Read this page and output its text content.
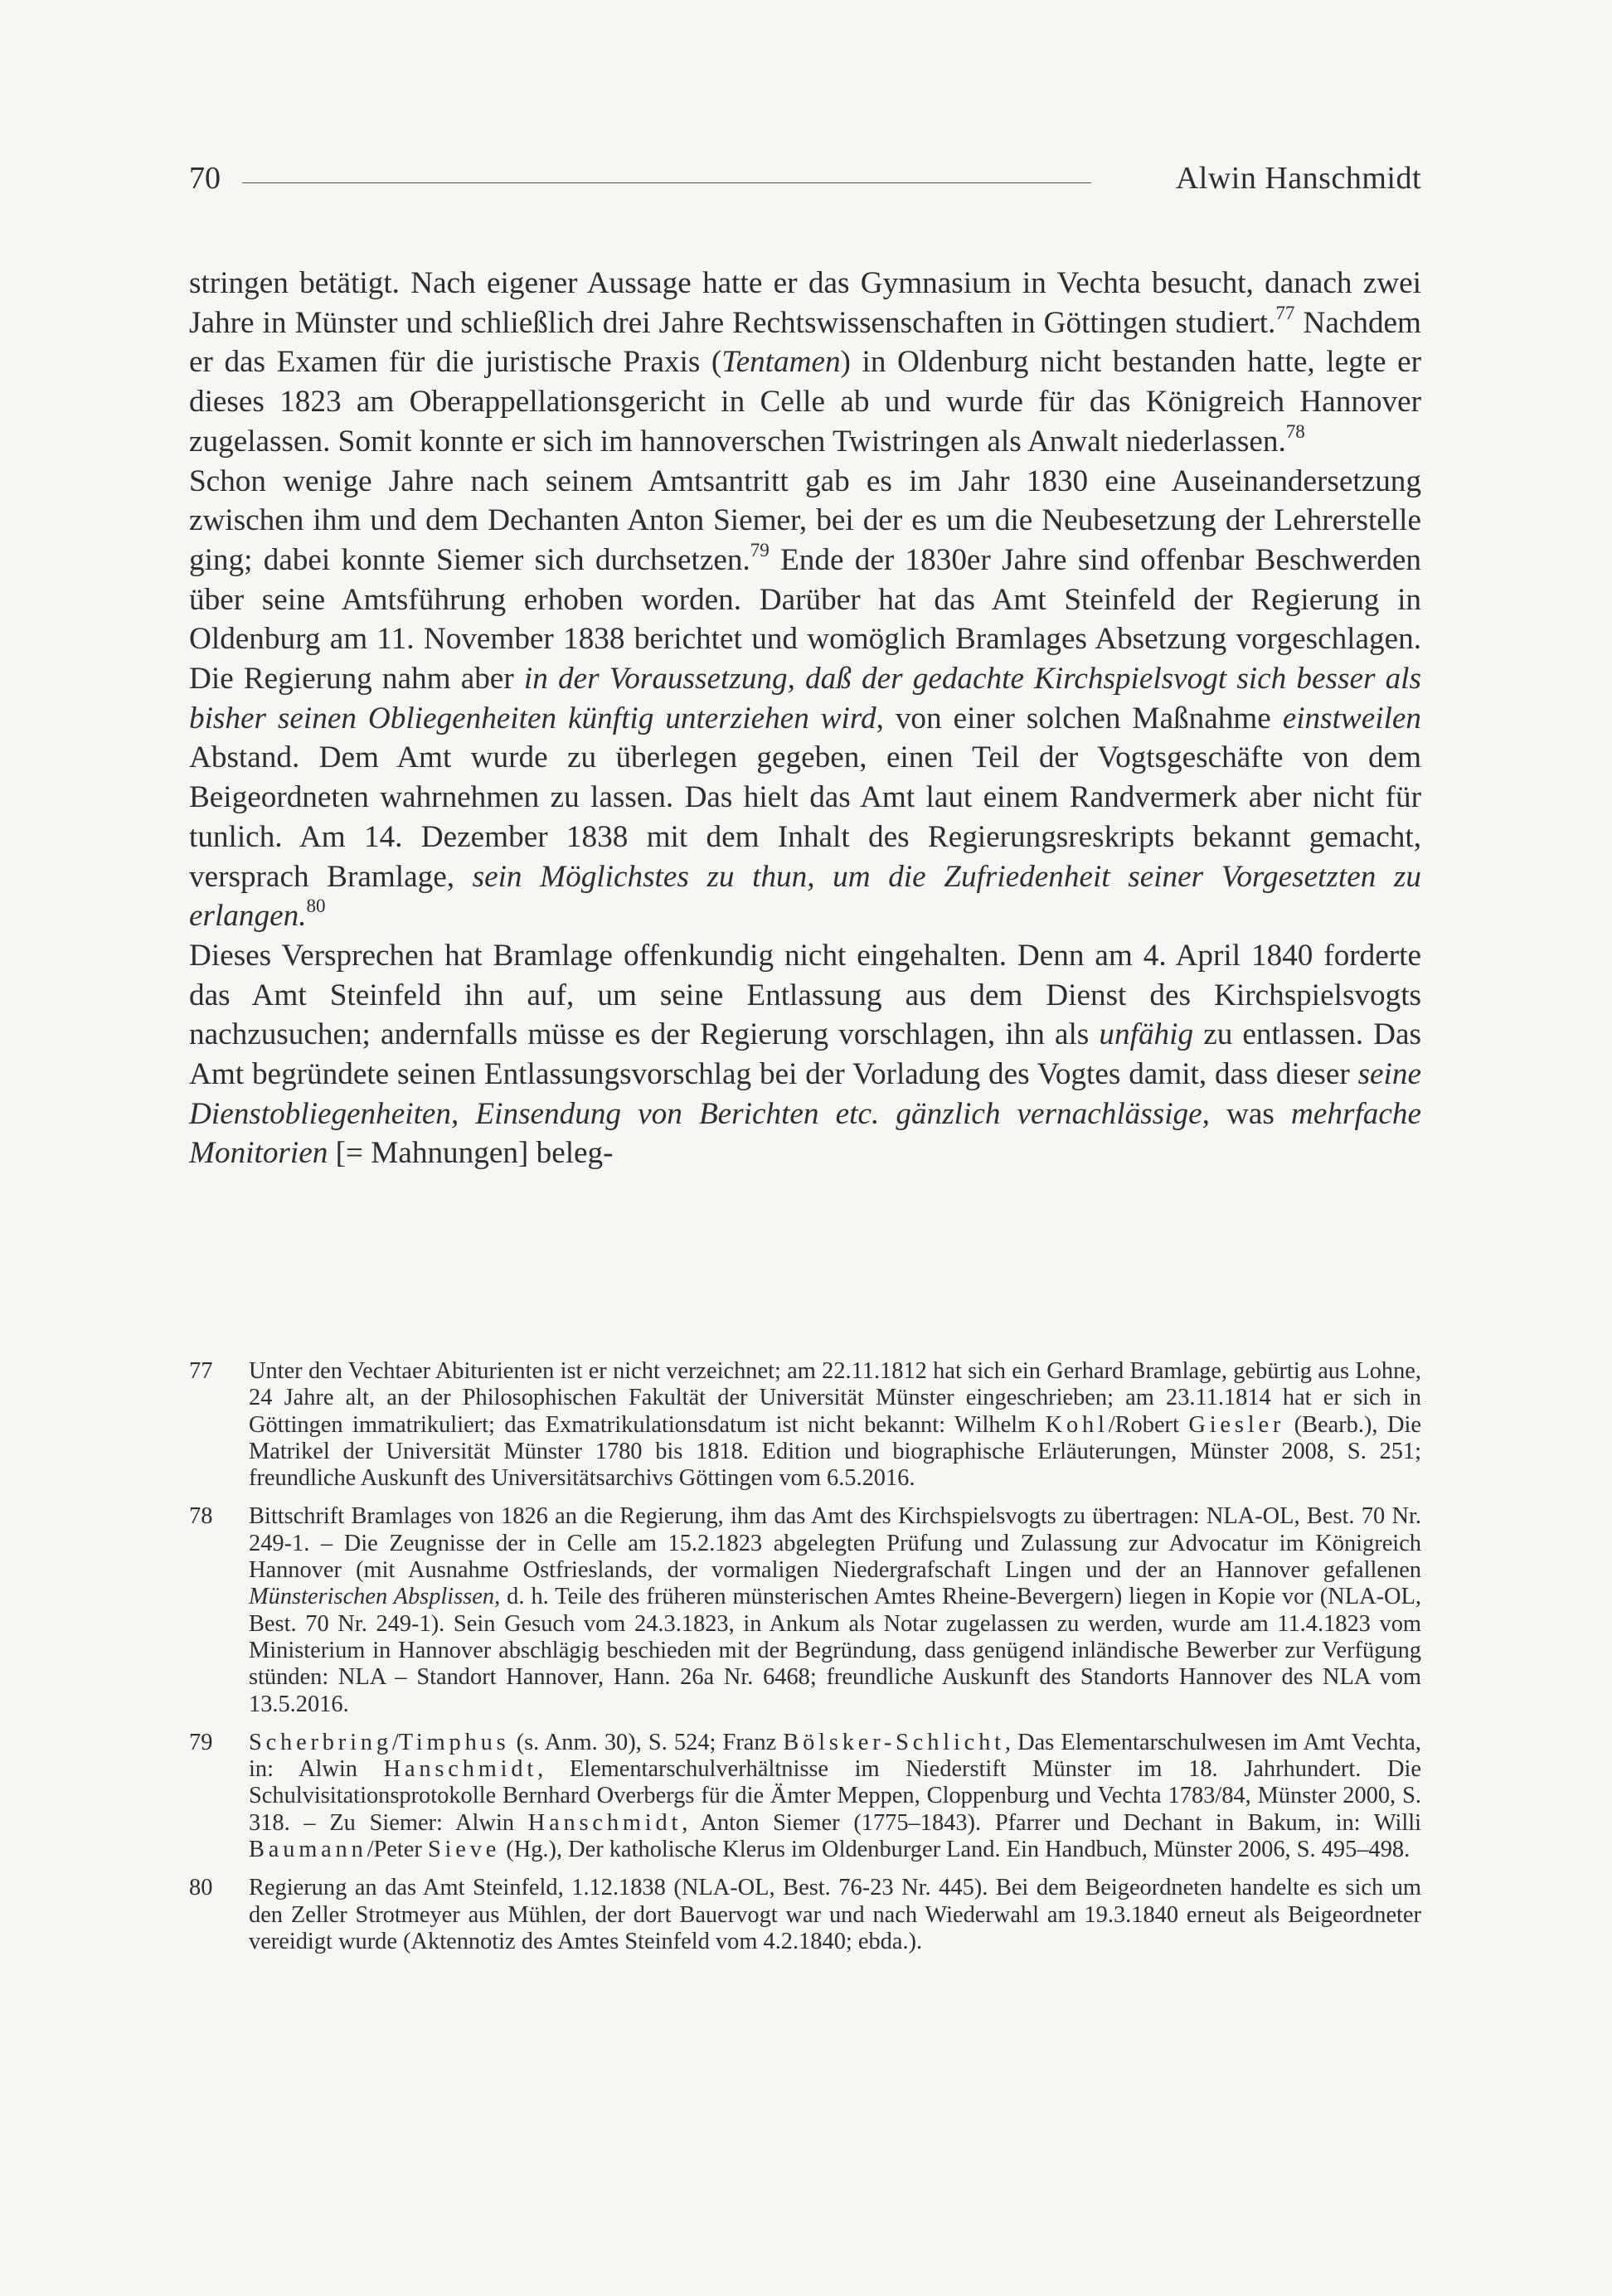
70	Alwin Hanschmidt

stringen betätigt. Nach eigener Aussage hatte er das Gymnasium in Vechta besucht, danach zwei Jahre in Münster und schließlich drei Jahre Rechtswissenschaften in Göttingen studiert.$^{77}$ Nachdem er das Examen für die juristische Praxis (Tentamen) in Oldenburg nicht bestanden hatte, legte er dieses 1823 am Oberappellationsgericht in Celle ab und wurde für das Königreich Hannover zugelassen. Somit konnte er sich im hannoverschen Twistringen als Anwalt niederlassen.$^{78}$

Schon wenige Jahre nach seinem Amtsantritt gab es im Jahr 1830 eine Auseinandersetzung zwischen ihm und dem Dechanten Anton Siemer, bei der es um die Neubesetzung der Lehrerstelle ging; dabei konnte Siemer sich durchsetzen.$^{79}$ Ende der 1830er Jahre sind offenbar Beschwerden über seine Amtsführung erhoben worden. Darüber hat das Amt Steinfeld der Regierung in Oldenburg am 11. November 1838 berichtet und womöglich Bramlages Absetzung vorgeschlagen. Die Regierung nahm aber in der Voraussetzung, daß der gedachte Kirchspielsvogt sich besser als bisher seinen Obliegenheiten künftig unterziehen wird, von einer solchen Maßnahme einstweilen Abstand. Dem Amt wurde zu überlegen gegeben, einen Teil der Vogtsgeschäfte von dem Beigeordneten wahrnehmen zu lassen. Das hielt das Amt laut einem Randvermerk aber nicht für tunlich. Am 14. Dezember 1838 mit dem Inhalt des Regierungsreskripts bekannt gemacht, versprach Bramlage, sein Möglichstes zu thun, um die Zufriedenheit seiner Vorgesetzten zu erlangen.$^{80}$

Dieses Versprechen hat Bramlage offenkundig nicht eingehalten. Denn am 4. April 1840 forderte das Amt Steinfeld ihn auf, um seine Entlassung aus dem Dienst des Kirchspielsvogts nachzusuchen; andernfalls müsse es der Regierung vorschlagen, ihn als unfähig zu entlassen. Das Amt begründete seinen Entlassungsvorschlag bei der Vorladung des Vogtes damit, dass dieser seine Dienstobliegenheiten, Einsendung von Berichten etc. gänzlich vernachlässige, was mehrfache Monitorien [= Mahnungen] beleg-

77 Unter den Vechtaer Abiturienten ist er nicht verzeichnet; am 22.11.1812 hat sich ein Gerhard Bramlage, gebürtig aus Lohne, 24 Jahre alt, an der Philosophischen Fakultät der Universität Münster eingeschrieben; am 23.11.1814 hat er sich in Göttingen immatrikuliert; das Exmatrikulationsdatum ist nicht bekannt: Wilhelm Kohl/Robert Giesler (Bearb.), Die Matrikel der Universität Münster 1780 bis 1818. Edition und biographische Erläuterungen, Münster 2008, S. 251; freundliche Auskunft des Universitätsarchivs Göttingen vom 6.5.2016.
78 Bittschrift Bramlages von 1826 an die Regierung, ihm das Amt des Kirchspielsvogts zu übertragen: NLA-OL, Best. 70 Nr. 249-1. – Die Zeugnisse der in Celle am 15.2.1823 abgelegten Prüfung und Zulassung zur Advocatur im Königreich Hannover (mit Ausnahme Ostfrieslands, der vormaligen Niedergrafschaft Lingen und der an Hannover gefallenen Münsterischen Absplissen, d. h. Teile des früheren münsterischen Amtes Rheine-Bevergern) liegen in Kopie vor (NLA-OL, Best. 70 Nr. 249-1). Sein Gesuch vom 24.3.1823, in Ankum als Notar zugelassen zu werden, wurde am 11.4.1823 vom Ministerium in Hannover abschlägig beschieden mit der Begründung, dass genügend inländische Bewerber zur Verfügung stünden: NLA – Standort Hannover, Hann. 26a Nr. 6468; freundliche Auskunft des Standorts Hannover des NLA vom 13.5.2016.
79 Scherbring/Timphus (s. Anm. 30), S. 524; Franz Bölsker-Schlicht, Das Elementarschulwesen im Amt Vechta, in: Alwin Hanschmidt, Elementarschulverhältnisse im Niederstift Münster im 18. Jahrhundert. Die Schulvisitationsprotokolle Bernhard Overbergs für die Ämter Meppen, Cloppenburg und Vechta 1783/84, Münster 2000, S. 318. – Zu Siemer: Alwin Hanschmidt, Anton Siemer (1775–1843). Pfarrer und Dechant in Bakum, in: Willi Baumann/Peter Sieve (Hg.), Der katholische Klerus im Oldenburger Land. Ein Handbuch, Münster 2006, S. 495–498.
80 Regierung an das Amt Steinfeld, 1.12.1838 (NLA-OL, Best. 76-23 Nr. 445). Bei dem Beigeordneten handelte es sich um den Zeller Strotmeyer aus Mühlen, der dort Bauervogt war und nach Wiederwahl am 19.3.1840 erneut als Beigeordneter vereidigt wurde (Aktennotiz des Amtes Steinfeld vom 4.2.1840; ebda.).
